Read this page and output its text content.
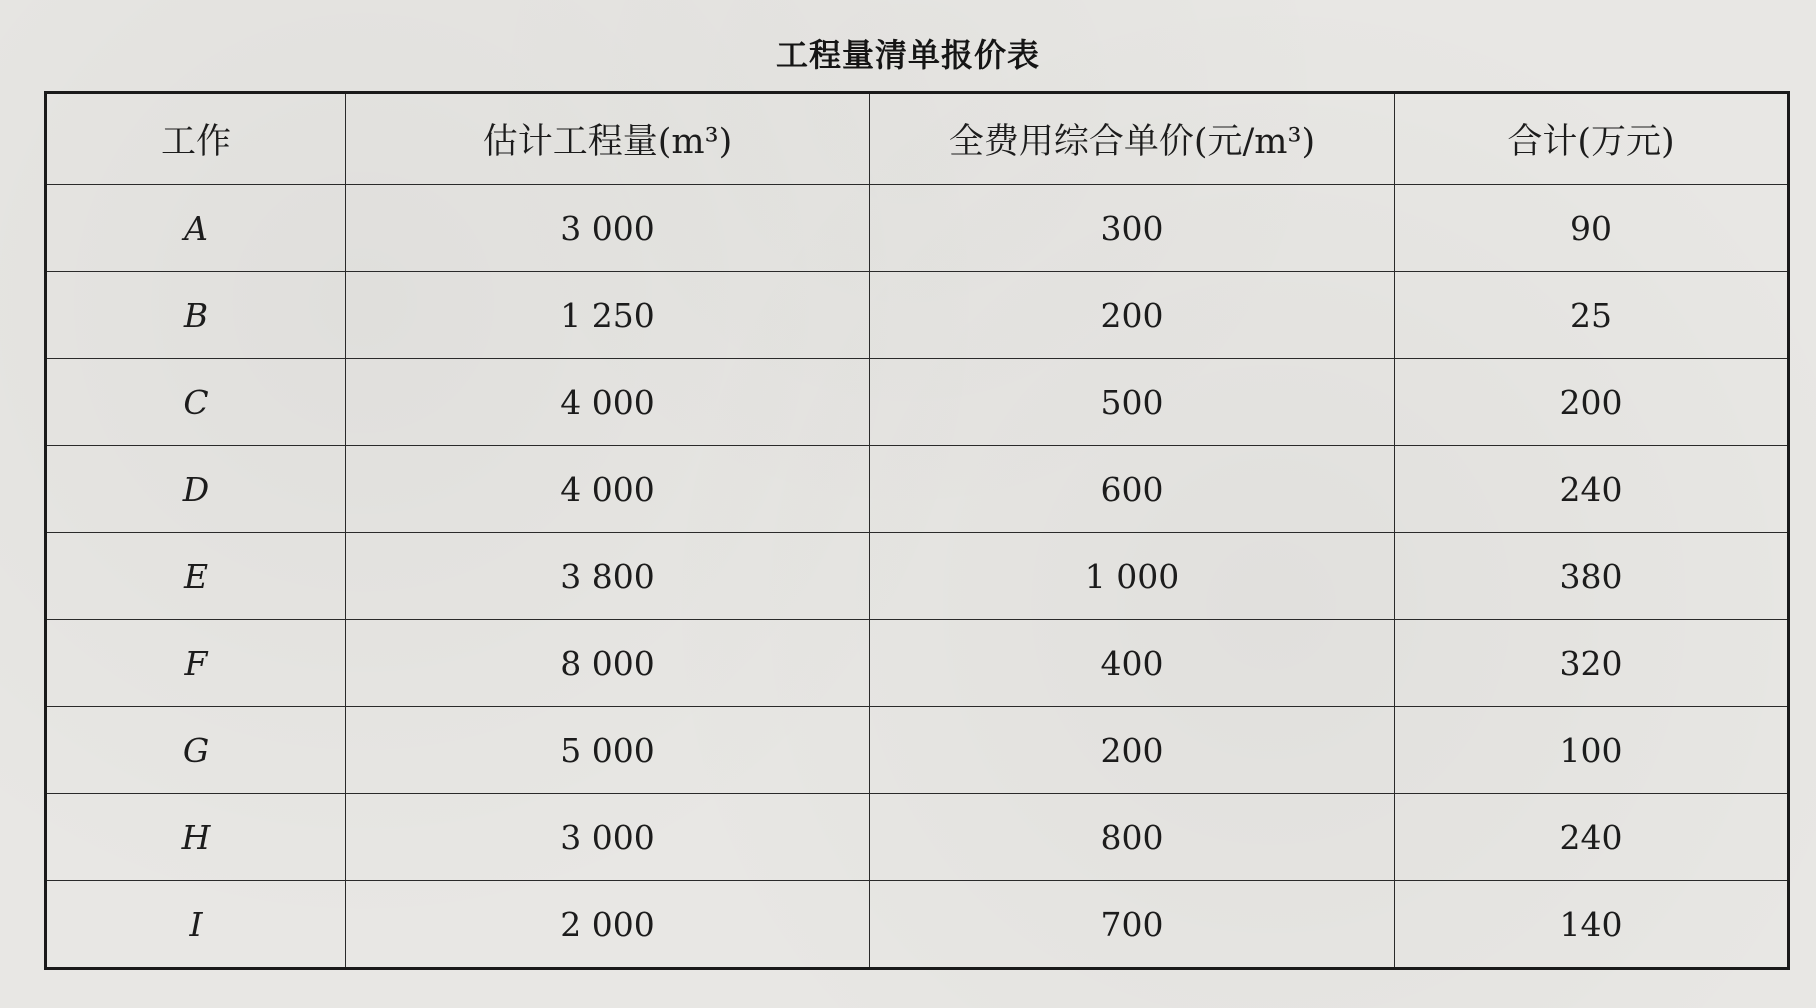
工程量清单报价表
工作	估计工程量(m³)	全费用综合单价(元/m³)	合计(万元)
A	3 000	300	90
B	1 250	200	25
C	4 000	500	200
D	4 000	600	240
E	3 800	1 000	380
F	8 000	400	320
G	5 000	200	100
H	3 000	800	240
I	2 000	700	140
